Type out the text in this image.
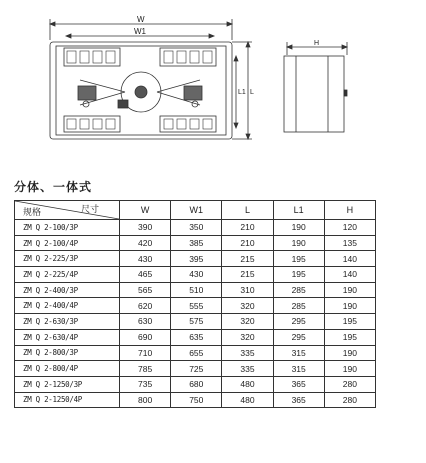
W
W1
L1 L
H
分体、一体式
尺寸
规格	W	W1	L	L1	H
ZM Q 2-100/3P	390	350	210	190	120
ZM Q 2-100/4P	420	385	210	190	135
ZM Q 2-225/3P	430	395	215	195	140
ZM Q 2-225/4P	465	430	215	195	140
ZM Q 2-400/3P	565	510	310	285	190
ZM Q 2-400/4P	620	555	320	285	190
ZM Q 2-630/3P	630	575	320	295	195
ZM Q 2-630/4P	690	635	320	295	195
ZM Q 2-800/3P	710	655	335	315	190
ZM Q 2-800/4P	785	725	335	315	190
ZM Q 2-1250/3P	735	680	480	365	280
ZM Q 2-1250/4P	800	750	480	365	280
